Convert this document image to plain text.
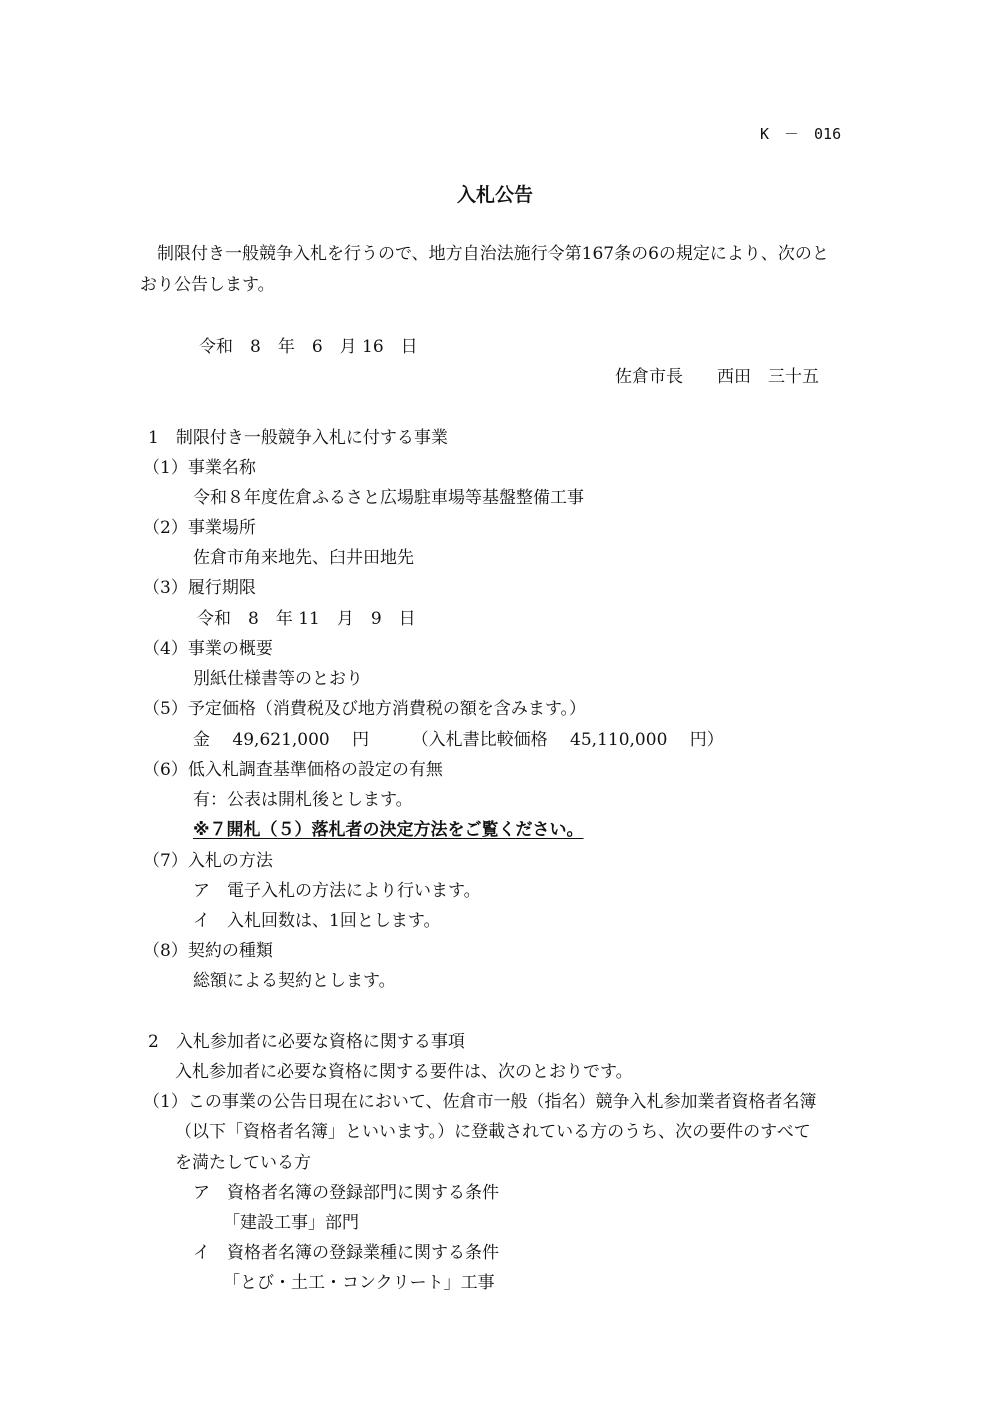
K　－　016
入札公告
　制限付き一般競争入札を行うので、地方自治法施行令第167条の6の規定により、次のと
おり公告します。
令和　8　年　6　月 16　日
佐倉市長　　西田　三十五
1　制限付き一般競争入札に付する事業
（1）事業名称
令和８年度佐倉ふるさと広場駐車場等基盤整備工事
（2）事業場所
佐倉市角来地先、臼井田地先
（3）履行期限
令和　8　年 11　月　9　日
（4）事業の概要
別紙仕様書等のとおり
（5）予定価格（消費税及び地方消費税の額を含みます。）
金　 49,621,000　 円　　　（入札書比較価格　 45,110,000　 円）
（6）低入札調査基準価格の設定の有無
有：公表は開札後とします。
※７開札（５）落札者の決定方法をご覧ください。
（7）入札の方法
ア　電子入札の方法により行います。
イ　入札回数は、1回とします。
（8）契約の種類
総額による契約とします。
2　入札参加者に必要な資格に関する事項
入札参加者に必要な資格に関する要件は、次のとおりです。
（1）この事業の公告日現在において、佐倉市一般（指名）競争入札参加業者資格者名簿
（以下「資格者名簿」といいます。）に登載されている方のうち、次の要件のすべて
を満たしている方
ア　資格者名簿の登録部門に関する条件
「建設工事」部門
イ　資格者名簿の登録業種に関する条件
「とび・土工・コンクリート」工事
